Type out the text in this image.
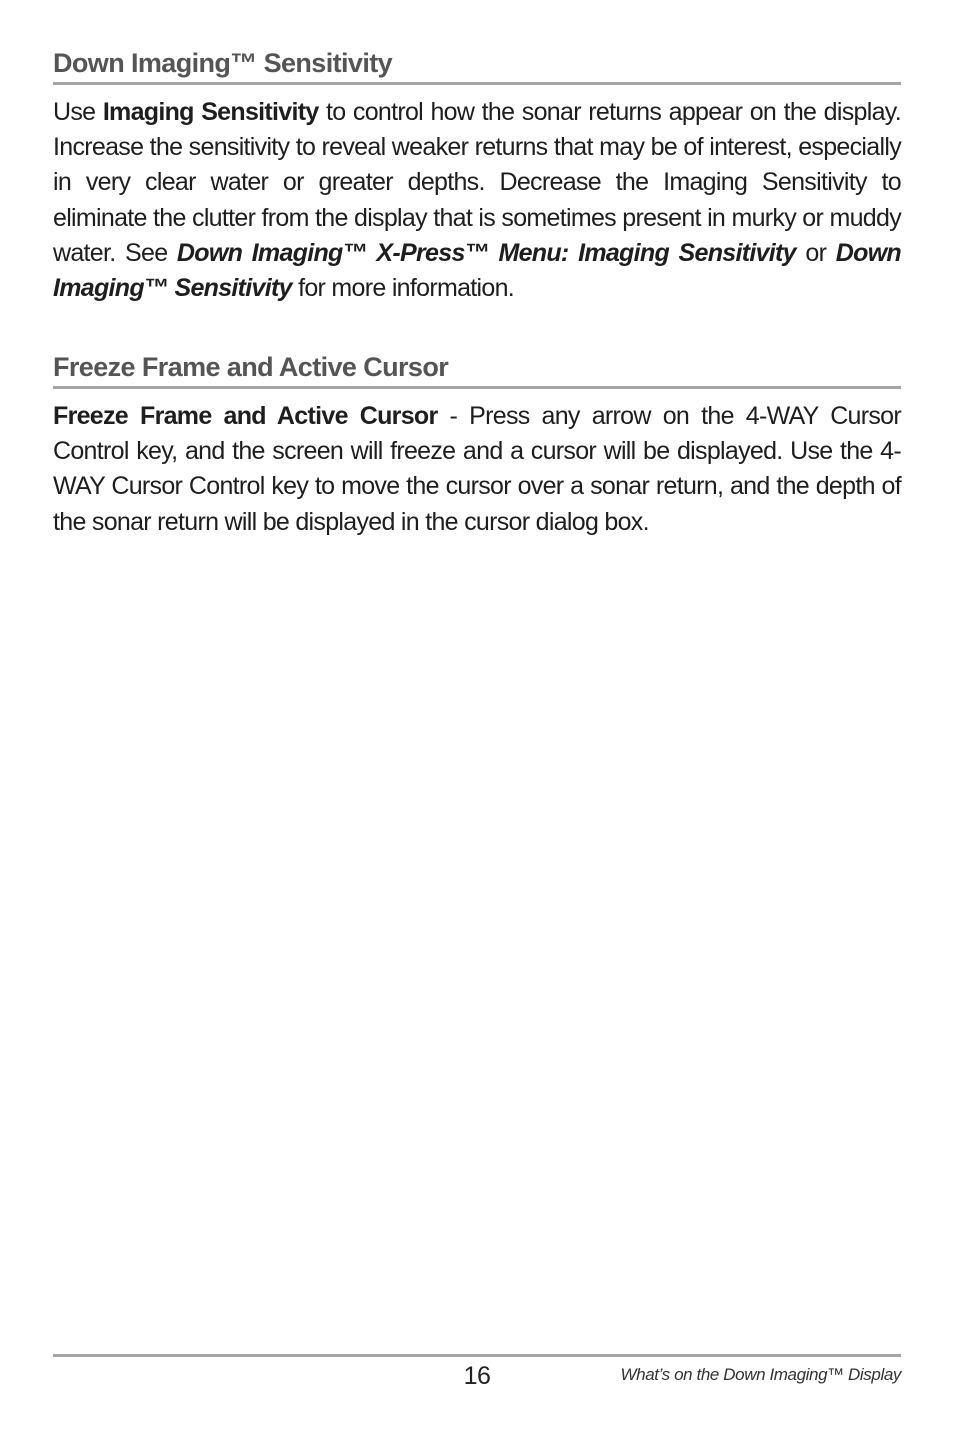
Down Imaging™ Sensitivity

Use Imaging Sensitivity to control how the sonar returns appear on the display. Increase the sensitivity to reveal weaker returns that may be of interest, especially in very clear water or greater depths. Decrease the Imaging Sensitivity to eliminate the clutter from the display that is sometimes present in murky or muddy water. See Down Imaging™ X-Press™ Menu: Imaging Sensitivity or Down Imaging™ Sensitivity for more information.

Freeze Frame and Active Cursor

Freeze Frame and Active Cursor - Press any arrow on the 4-WAY Cursor Control key, and the screen will freeze and a cursor will be displayed. Use the 4-WAY Cursor Control key to move the cursor over a sonar return, and the depth of the sonar return will be displayed in the cursor dialog box.

16	What’s on the Down Imaging™ Display
